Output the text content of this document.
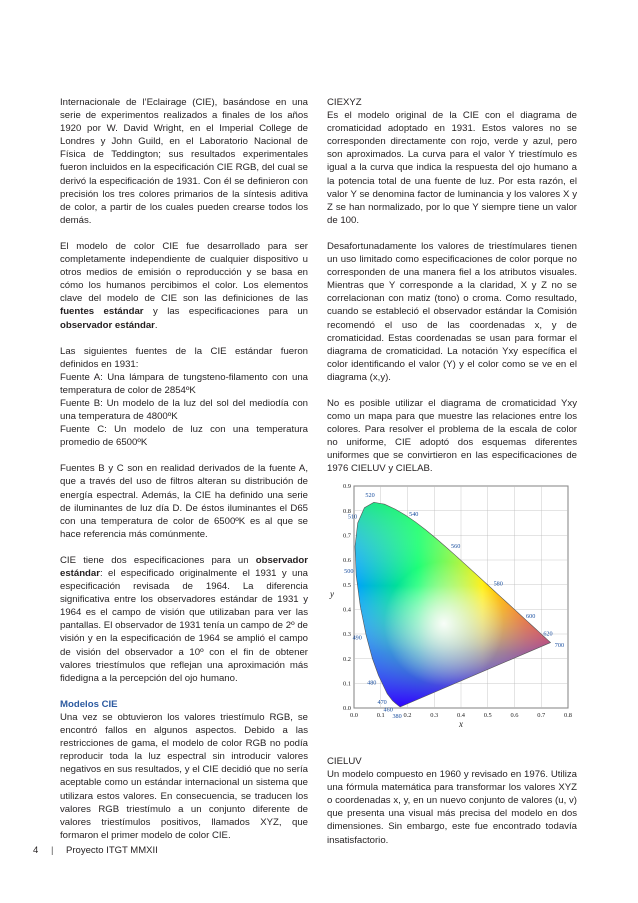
Internacionale de l’Eclairage (CIE), basándose en una serie de experimentos realizados a finales de los años 1920 por W. David Wright, en el Imperial College de Londres y John Guild, en el Laboratorio Nacional de Física de Teddington; sus resultados experimentales fueron incluidos en la especificación CIE RGB, del cual se derivó la especificación de 1931. Con él se definieron con precisión los tres colores primarios de la síntesis aditiva de color, a partir de los cuales pueden crearse todos los demás.

El modelo de color CIE fue desarrollado para ser completamente independiente de cualquier dispositivo u otros medios de emisión o reproducción y se basa en cómo los humanos percibimos el color. Los elementos clave del modelo de CIE son las definiciones de las fuentes estándar y las especificaciones para un observador estándar.

Las siguientes fuentes de la CIE estándar fueron definidos en 1931:

Fuente A: Una lámpara de tungsteno-filamento con una temperatura de color de 2854ºK

Fuente B: Un modelo de la luz del sol del mediodía con una temperatura de 4800ºK

Fuente C: Un modelo de luz con una temperatura promedio de 6500ºK

Fuentes B y C son en realidad derivados de la fuente A, que a través del uso de filtros alteran su distribución de energía espectral. Además, la CIE ha definido una serie de iluminantes de luz día D. De éstos iluminantes el D65 con una temperatura de color de 6500ºK es al que se hace referencia más comúnmente.

CIE tiene dos especificaciones para un observador estándar: el especificado originalmente el 1931 y una especificación revisada de 1964. La diferencia significativa entre los observadores estándar de 1931 y 1964 es el campo de visión que utilizaban para ver las pantallas. El observador de 1931 tenía un campo de 2º de visión y en la especificación de 1964 se amplió el campo de visión del observador a 10º con el fin de obtener valores triestímulos que reflejan una aproximación más fidedigna a la percepción del ojo humano.

Modelos CIE

Una vez se obtuvieron los valores triestímulo RGB, se encontró fallos en algunos aspectos. Debido a las restricciones de gama, el modelo de color RGB no podía reproducir toda la luz espectral sin introducir valores negativos en sus resultados, y el CIE decidió que no sería aceptable como un estándar internacional un sistema que utilizara estos valores. En consecuencia, se traducen los valores RGB triestímulo a un conjunto diferente de valores triestímulos positivos, llamados XYZ, que formaron el primer modelo de color CIE.

CIEXYZ

Es el modelo original de la CIE con el diagrama de cromaticidad adoptado en 1931. Estos valores no se corresponden directamente con rojo, verde y azul, pero son aproximados. La curva para el valor Y triestímulo es igual a la curva que indica la respuesta del ojo humano a la potencia total de una fuente de luz. Por esta razón, el valor Y se denomina factor de luminancia y los valores X y Z se han normalizado, por lo que Y siempre tiene un valor de 100.

Desafortunadamente los valores de triestímulares tienen un uso limitado como especificaciones de color porque no corresponden de una manera fiel a los atributos visuales. Mientras que Y corresponde a la claridad, X y Z no se correlacionan con matiz (tono) o croma. Como resultado, cuando se estableció el observador estándar la Comisión recomendó el uso de las coordenadas x, y de cromaticidad. Estas coordenadas se usan para formar el diagrama de cromaticidad. La notación Yxy específica el color identificando el valor (Y) y el color como se ve en el diagrama (x,y).

No es posible utilizar el diagrama de cromaticidad Yxy como un mapa para que muestre las relaciones entre los colores. Para resolver el problema de la escala de color no uniforme, CIE adoptó dos esquemas diferentes uniformes que se convirtieron en las especificaciones de 1976 CIELUV y CIELAB.

380
460
470
480
490
500
510
520
540
560
580
600
620
700
0.0	0.1	0.2	0.3	0.4	0.5	0.6	0.7	0.8
0.0
0.1
0.2
0.3
0.4
0.5
0.6
0.7
0.8
0.9
x
y

CIELUV

Un modelo compuesto en 1960 y revisado en 1976. Utiliza una fórmula matemática para transformar los valores XYZ o coordenadas x, y, en un nuevo conjunto de valores (u, v) que presenta una visual más precisa del modelo en dos dimensiones. Sin embargo, este fue encontrado todavía insatisfactorio.

4 | Proyecto ITGT MMXII
